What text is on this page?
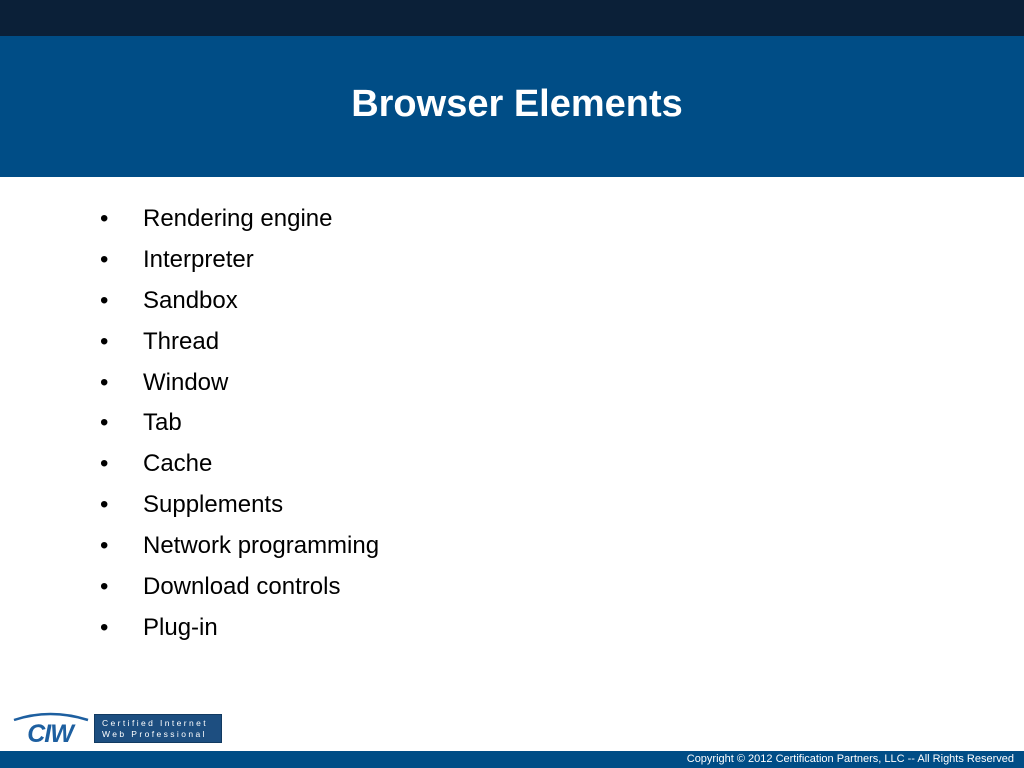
Browser Elements
•	Rendering engine
•	Interpreter
•	Sandbox
•	Thread
•	Window
•	Tab
•	Cache
•	Supplements
•	Network programming
•	Download controls
•	Plug-in
CIW	Certified Internet
Web Professional
Copyright © 2012 Certification Partners, LLC -- All Rights Reserved
